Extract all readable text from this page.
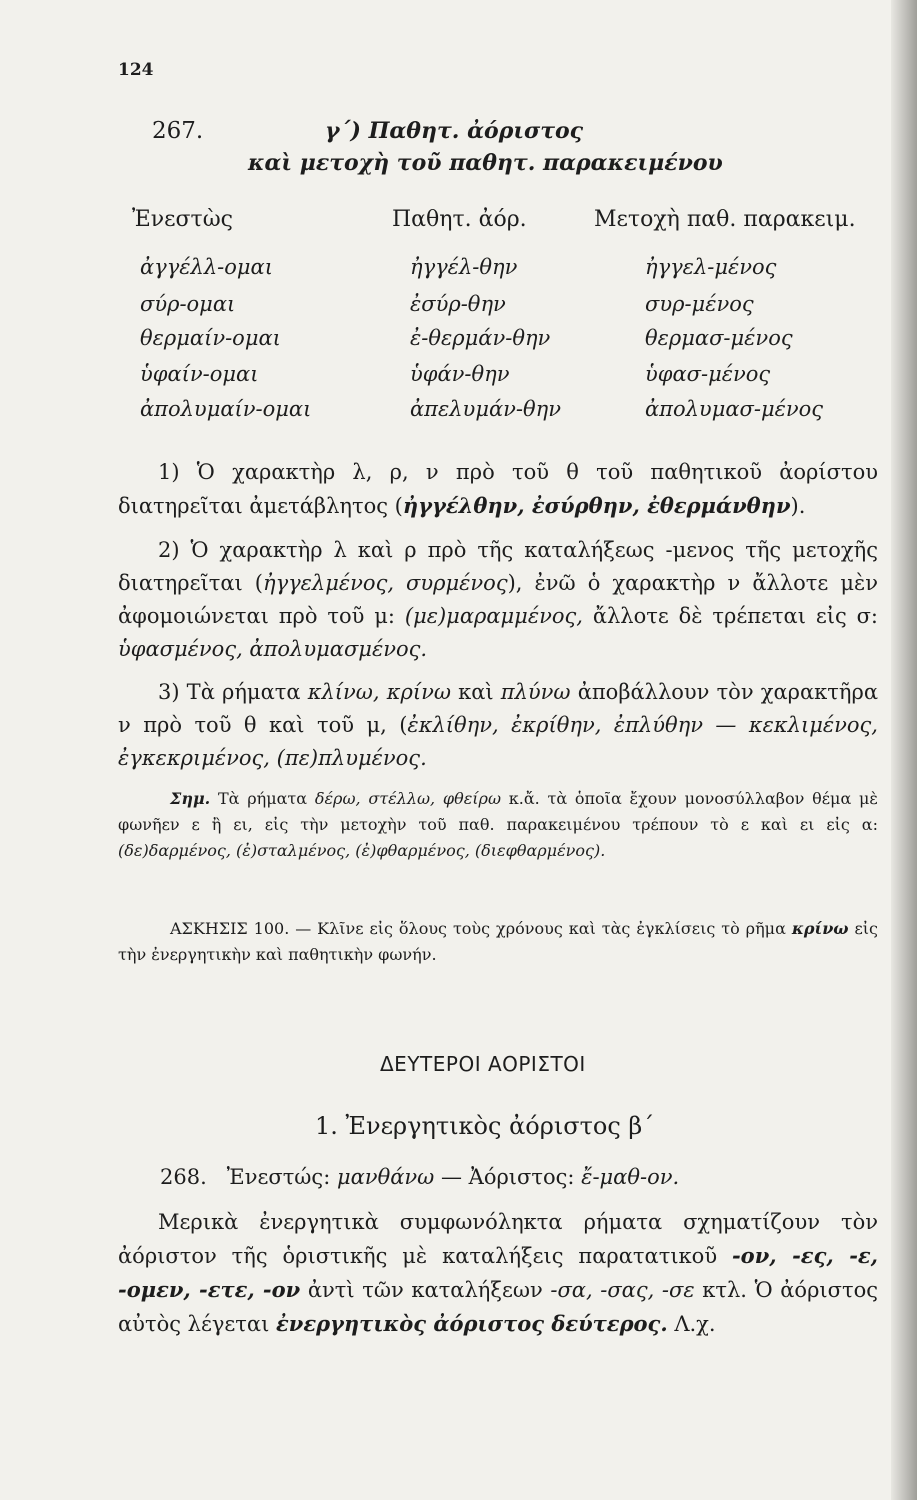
124
267.	γ΄) Παθητ. ἀόριστος
καὶ μετοχὴ τοῦ παθητ. παρακειμένου
Ἐνεστὼς	Παθητ. ἀόρ.	Μετοχὴ παθ. παρακειμ.
ἀγγέλλ-ομαι	ἠγγέλ-θην	ἠγγελ-μένος
σύρ-ομαι	ἐσύρ-θην	συρ-μένος
θερμαίν-ομαι	ἐ-θερμάν-θην	θερμασ-μένος
ὑφαίν-ομαι	ὑφάν-θην	ὑφασ-μένος
ἀπολυμαίν-ομαι	ἀπελυμάν-θην	ἀπολυμασ-μένος
1) Ὁ χαρακτὴρ λ, ρ, ν πρὸ τοῦ θ τοῦ παθητικοῦ ἀορίστου διατηρεῖται ἀμετάβλητος (ἠγγέλθην, ἐσύρθην, ἐθερμάνθην).
2) Ὁ χαρακτὴρ λ καὶ ρ πρὸ τῆς καταλήξεως -μενος τῆς μετοχῆς διατηρεῖται (ἠγγελμένος, συρμένος), ἐνῶ ὁ χαρακτὴρ ν ἄλλοτε μὲν ἀφομοιώνεται πρὸ τοῦ μ: (με)μαραμμένος, ἄλλοτε δὲ τρέπεται εἰς σ: ὑφασμένος, ἀπολυμασμένος.
3) Τὰ ρήματα κλίνω, κρίνω καὶ πλύνω ἀποβάλλουν τὸν χαρακτῆρα ν πρὸ τοῦ θ καὶ τοῦ μ, (ἐκλίθην, ἐκρίθην, ἐπλύθην — κεκλιμένος, ἐγκεκριμένος, (πε)πλυμένος.
Σημ. Τὰ ρήματα δέρω, στέλλω, φθείρω κ.ἄ. τὰ ὁποῖα ἔχουν μονοσύλλαβον θέμα μὲ φωνῆεν ε ἢ ει, εἰς τὴν μετοχὴν τοῦ παθ. παρακειμένου τρέπουν τὸ ε καὶ ει εἰς α: (δε)δαρμένος, (ἐ)σταλμένος, (ἐ)φθαρμένος, (διεφθαρμένος).
ΑΣΚΗΣΙΣ 100. — Κλῖνε εἰς ὅλους τοὺς χρόνους καὶ τὰς ἐγκλίσεις τὸ ρῆμα κρίνω εἰς τὴν ἐνεργητικὴν καὶ παθητικὴν φωνήν.
ΔΕΥΤΕΡΟΙ ΑΟΡΙΣΤΟΙ
1. Ἐνεργητικὸς ἀόριστος β΄
268. Ἐνεστώς: μανθάνω — Ἀόριστος: ἔ-μαθ-ον.
Μερικὰ ἐνεργητικὰ συμφωνόληκτα ρήματα σχηματίζουν τὸν ἀόριστον τῆς ὁριστικῆς μὲ καταλήξεις παρατατικοῦ -ον, -ες, -ε, -ομεν, -ετε, -ον ἀντὶ τῶν καταλήξεων -σα, -σας, -σε κτλ. Ὁ ἀόριστος αὐτὸς λέγεται ἐνεργητικὸς ἀόριστος δεύτερος. Λ.χ.
